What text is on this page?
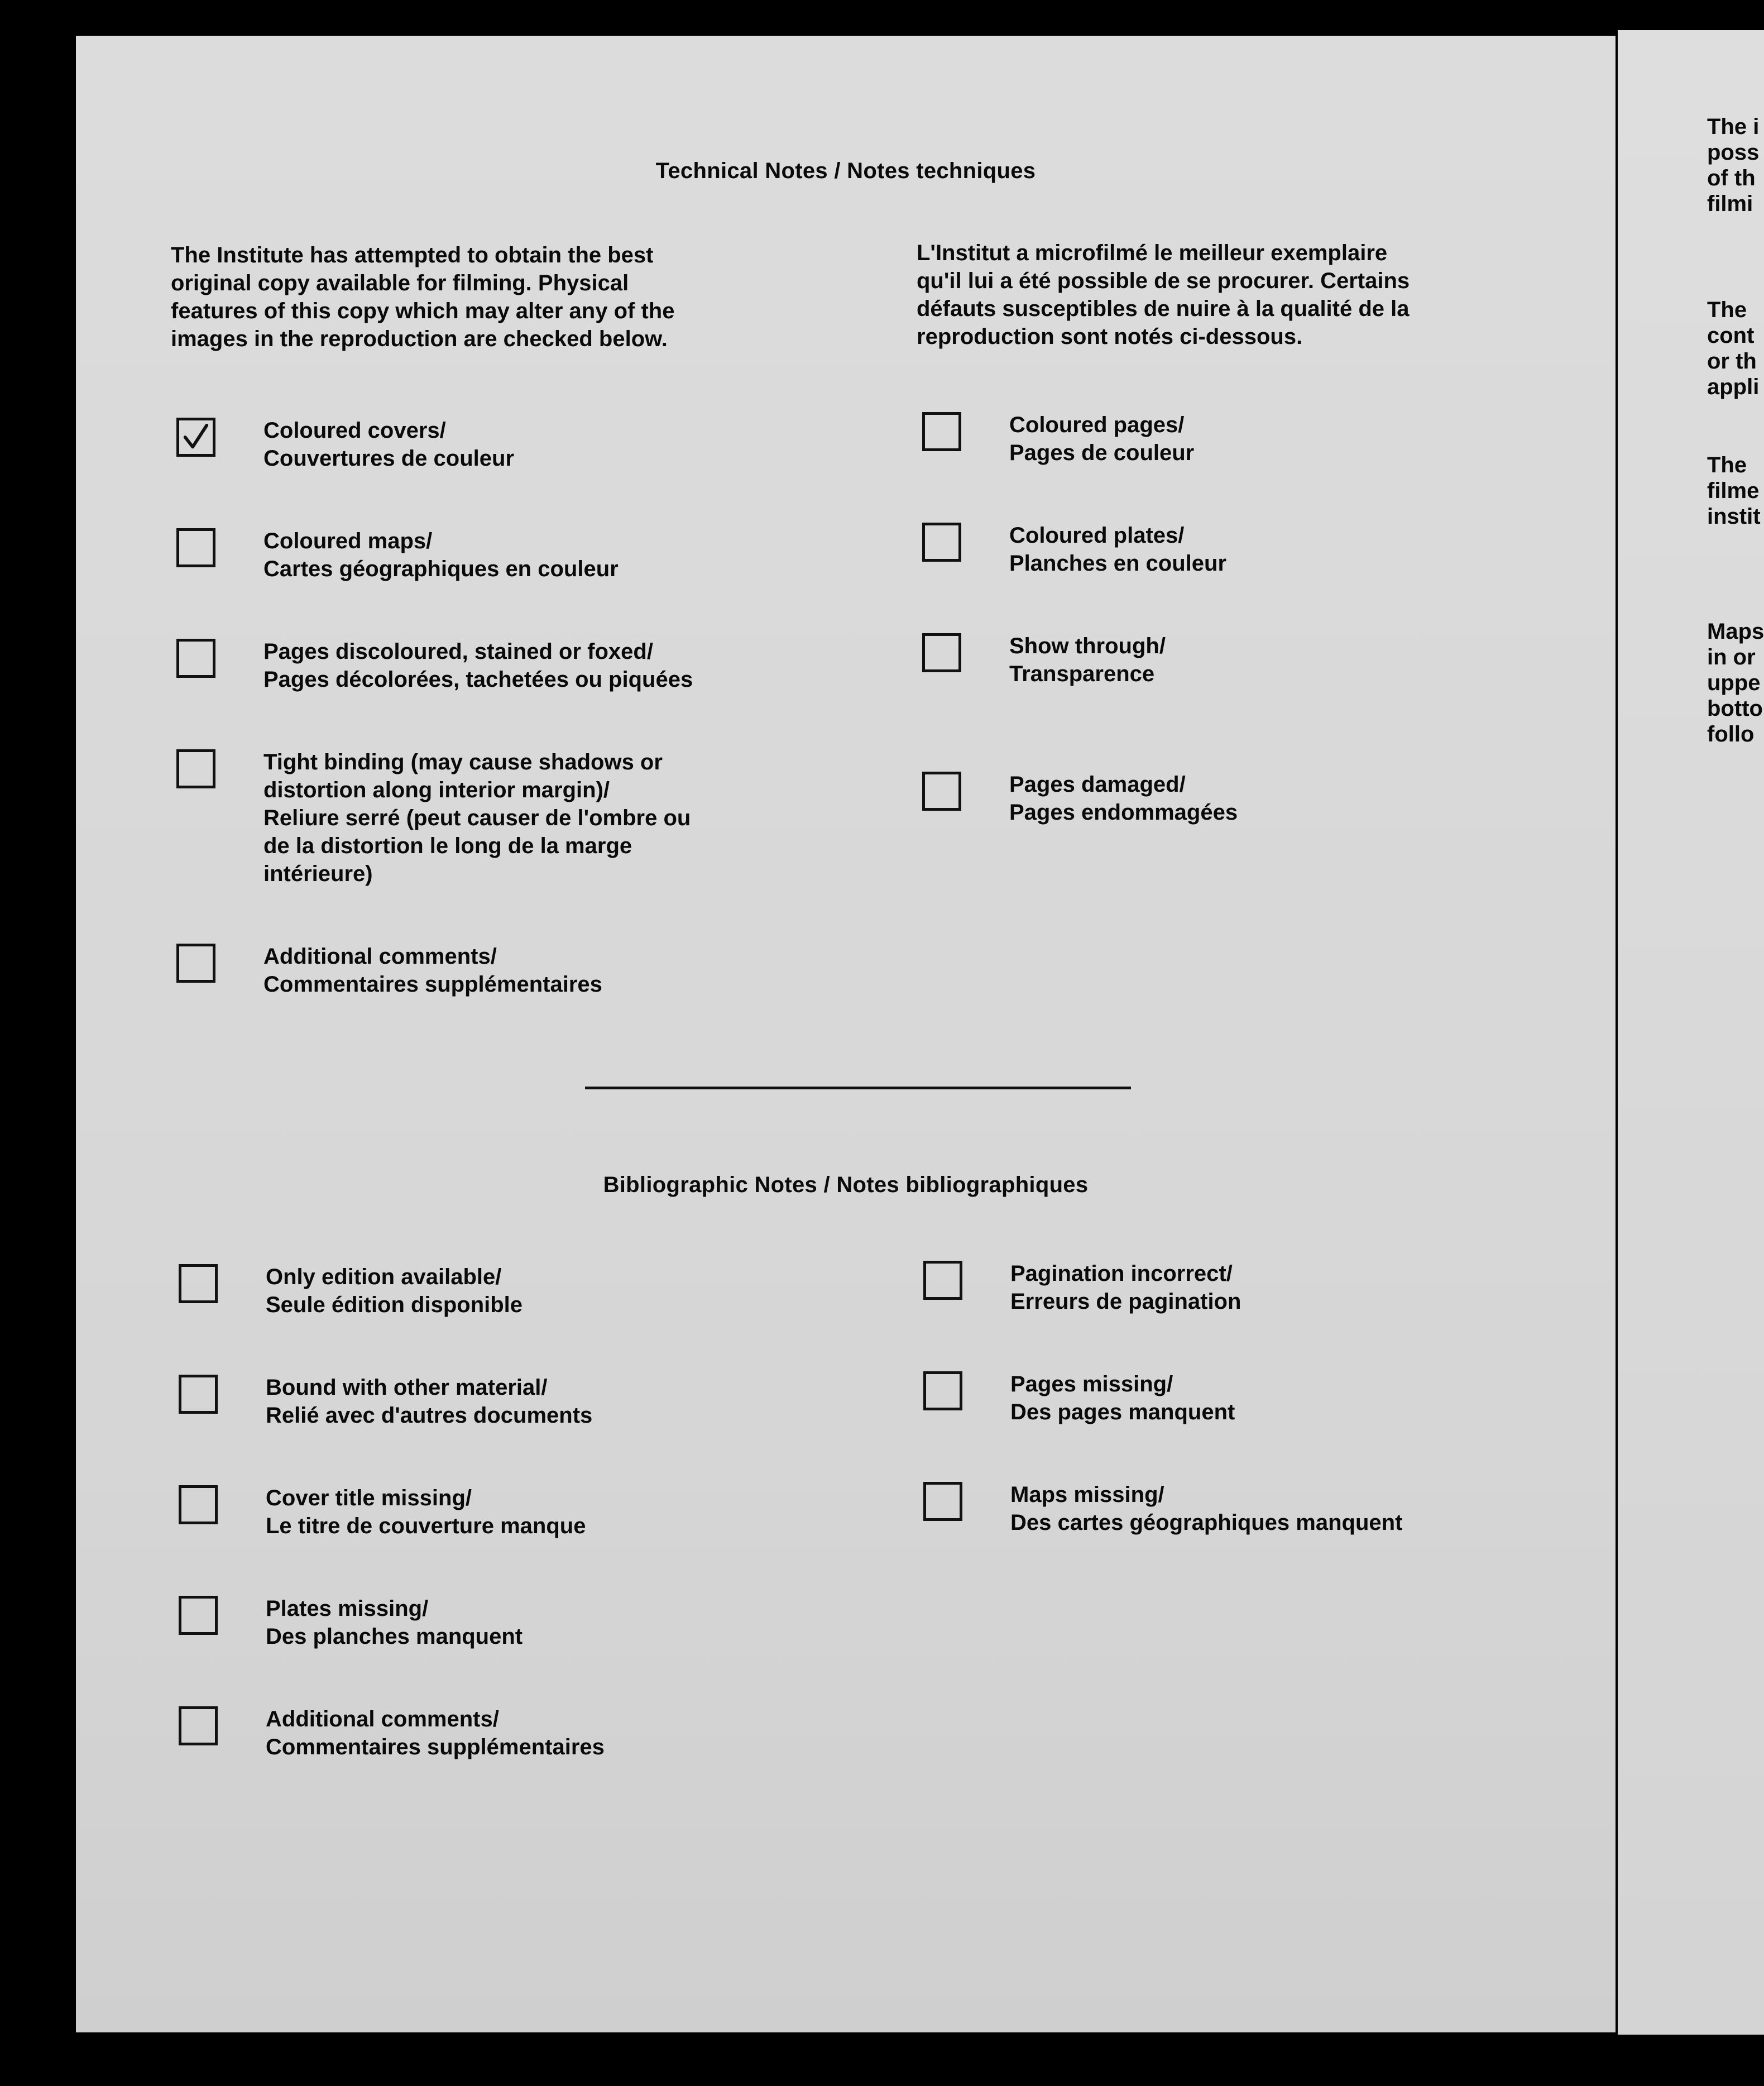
Technical Notes / Notes techniques
The Institute has attempted to obtain the best
original copy available for filming. Physical
features of this copy which may alter any of the
images in the reproduction are checked below.
L'Institut a microfilmé le meilleur exemplaire
qu'il lui a été possible de se procurer. Certains
défauts susceptibles de nuire à la qualité de la
reproduction sont notés ci-dessous.
Coloured covers/
Couvertures de couleur
Coloured maps/
Cartes géographiques en couleur
Pages discoloured, stained or foxed/
Pages décolorées, tachetées ou piquées
Tight binding (may cause shadows or
distortion along interior margin)/
Reliure serré (peut causer de l'ombre ou
de la distortion le long de la marge
intérieure)
Additional comments/
Commentaires supplémentaires
Coloured pages/
Pages de couleur
Coloured plates/
Planches en couleur
Show through/
Transparence
Pages damaged/
Pages endommagées
Bibliographic Notes / Notes bibliographiques
Only edition available/
Seule édition disponible
Bound with other material/
Relié avec d'autres documents
Cover title missing/
Le titre de couverture manque
Plates missing/
Des planches manquent
Additional comments/
Commentaires supplémentaires
Pagination incorrect/
Erreurs de pagination
Pages missing/
Des pages manquent
Maps missing/
Des cartes géographiques manquent
The i
poss
of th
filmi
The
cont
or th
appli
The
filme
instit
Maps
in or
uppe
botto
follo
